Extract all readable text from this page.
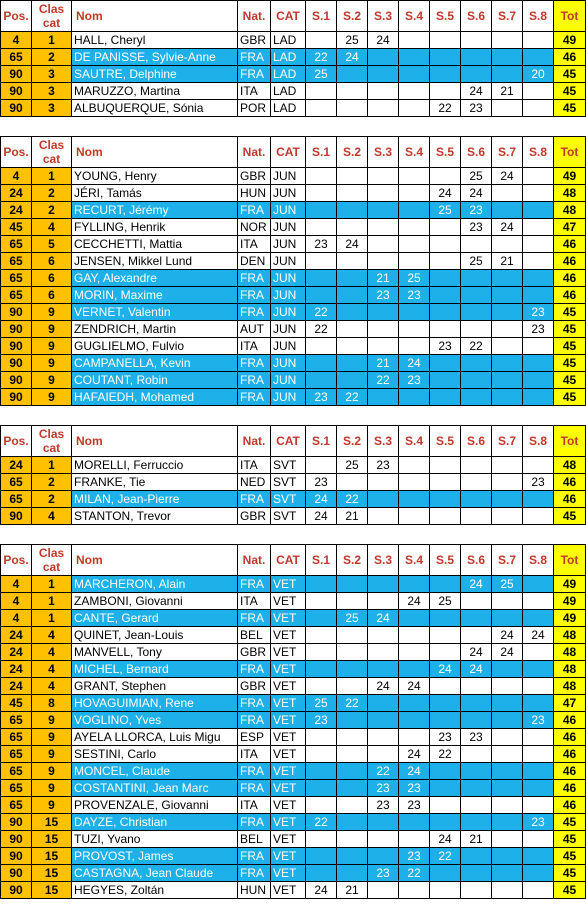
Pos.	Clas
cat	Nom	Nat.	CAT	S.1	S.2	S.3	S.4	S.5	S.6	S.7	S.8	Tot
4	1	HALL, Cheryl	GBR	LAD		25	24						49
65	2	DE PANISSE, Sylvie-Anne	FRA	LAD	22	24							46
90	3	SAUTRE, Delphine	FRA	LAD	25							20	45
90	3	MARUZZO, Martina	ITA	LAD						24	21		45
90	3	ALBUQUERQUE, Sónia	POR	LAD					22	23			45
Pos.	Clas
cat	Nom	Nat.	CAT	S.1	S.2	S.3	S.4	S.5	S.6	S.7	S.8	Tot
4	1	YOUNG, Henry	GBR	JUN						25	24		49
24	2	JÉRI, Tamás	HUN	JUN					24	24			48
24	2	RECURT, Jérémy	FRA	JUN					25	23			48
45	4	FYLLING, Henrik	NOR	JUN						23	24		47
65	5	CECCHETTI, Mattia	ITA	JUN	23	24							46
65	6	JENSEN, Mikkel Lund	DEN	JUN						25	21		46
65	6	GAY, Alexandre	FRA	JUN			21	25					46
65	6	MORIN, Maxime	FRA	JUN			23	23					46
90	9	VERNET, Valentin	FRA	JUN	22							23	45
90	9	ZENDRICH, Martin	AUT	JUN	22							23	45
90	9	GUGLIELMO, Fulvio	ITA	JUN					23	22			45
90	9	CAMPANELLA, Kevin	FRA	JUN			21	24					45
90	9	COUTANT, Robin	FRA	JUN			22	23					45
90	9	HAFAIEDH, Mohamed	FRA	JUN	23	22							45
Pos.	Clas
cat	Nom	Nat.	CAT	S.1	S.2	S.3	S.4	S.5	S.6	S.7	S.8	Tot
24	1	MORELLI, Ferruccio	ITA	SVT		25	23						48
65	2	FRANKE, Tie	NED	SVT	23							23	46
65	2	MILAN, Jean-Pierre	FRA	SVT	24	22							46
90	4	STANTON, Trevor	GBR	SVT	24	21							45
Pos.	Clas
cat	Nom	Nat.	CAT	S.1	S.2	S.3	S.4	S.5	S.6	S.7	S.8	Tot
4	1	MARCHERON, Alain	FRA	VET						24	25		49
4	1	ZAMBONI, Giovanni	ITA	VET				24	25				49
4	1	CANTE, Gerard	FRA	VET		25	24						49
24	4	QUINET, Jean-Louis	BEL	VET							24	24	48
24	4	MANVELL, Tony	GBR	VET						24	24		48
24	4	MICHEL, Bernard	FRA	VET					24	24			48
24	4	GRANT, Stephen	GBR	VET			24	24					48
45	8	HOVAGUIMIAN, Rene	FRA	VET	25	22							47
65	9	VOGLINO, Yves	FRA	VET	23							23	46
65	9	AYELA LLORCA, Luis Migu	ESP	VET					23	23			46
65	9	SESTINI, Carlo	ITA	VET				24	22				46
65	9	MONCEL, Claude	FRA	VET			22	24					46
65	9	COSTANTINI, Jean Marc	FRA	VET			23	23					46
65	9	PROVENZALE, Giovanni	ITA	VET			23	23					46
90	15	DAYZE, Christian	FRA	VET	22							23	45
90	15	TUZI, Yvano	BEL	VET					24	21			45
90	15	PROVOST, James	FRA	VET				23	22				45
90	15	CASTAGNA, Jean Claude	FRA	VET			23	22					45
90	15	HEGYES, Zoltán	HUN	VET	24	21							45
